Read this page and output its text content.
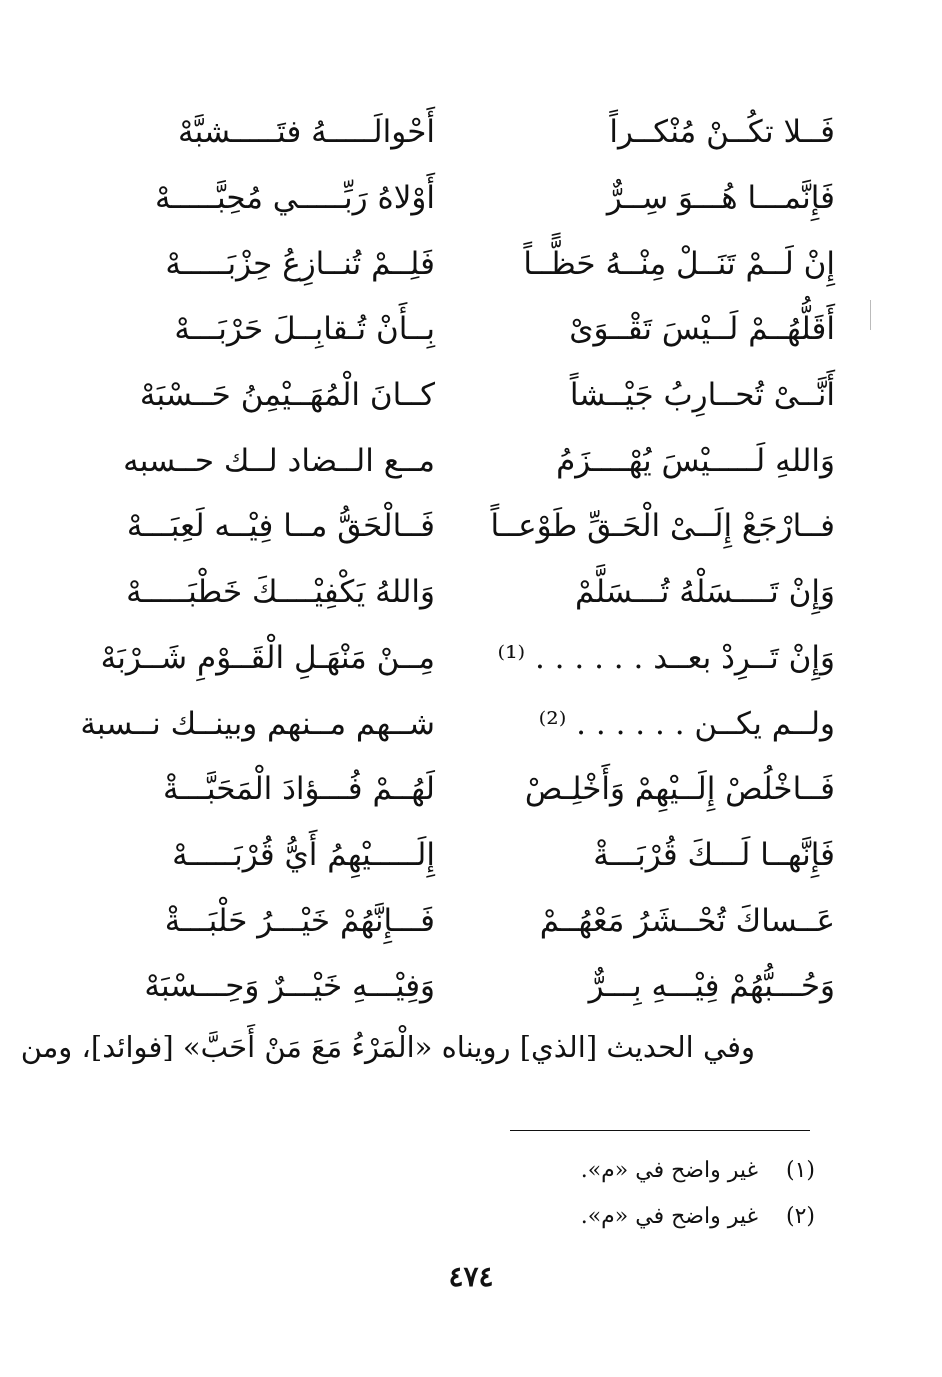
فَــلا تكُــنْ مُنْكــراً
أَحْوالَـــــهُ فتَـــــشبَّهْ
فَإِنَّمـــا هُـــوَ سِــرٌّ
أَوْلاهُ رَبِّـــــي مُحِبَّـــــهْ
إِنْ لَــمْ تَنَــلْ مِنْــهُ حَظًّــاً
فَلِــمْ تُنــازِعُ حِزْبَـــــهْ
أَقَلُّهُــمْ لَــيْسَ تَقْــوَىْ
بِــأَنْ تُـقابِــلَ حَرْبَـــهْ
أَنَّــىْ تُحــارِبُ جَيْــشاً
كــانَ الْمُهَــيْمِنُ حَــسْبَهْ
وَاللهِ لَـــــيْسَ يُهْــــزَمُ
مــع الــضاد لــك حــسبه
فــارْجَعْ إِلَــىْ الْحَـقِّ طَوْعــاً
فَــالْحَقُّ مــا فِيْــه لَعِبَـــهْ
وَإِنْ تَــــسَلْهُ تُـــسَلَّمْ
وَاللهُ يَكْفِيْــــكَ خَطْبَـــــهْ
وَإِنْ تَــرِدْ بعــد . . . . . . ⁽¹⁾
مِــنْ مَنْهَـلِ الْقَــوْمِ شَــرْبَهْ
ولــم يكــن . . . . . . ⁽²⁾
شــهم مــنهم وبينــك نــسبة
فَــاخْلُصْ إِلَــيْهِمْ وَأَخْلِـصْ
لَهُــمْ فُـــؤادَ الْمَحَبَّـــةْ
فَإِنَّهــا لَـــكَ قُرْبَـــةْ
إِلَـــــيْهِمُ أَيُّ قُرْبَـــــهْ
عَــساكَ تُحْــشَرُ مَعْهُــمْ
فَـــإِنَّهُمْ خَيْـــرُ حَلْبَـــةْ
وَحُـــبُّهُمْ فِيْـــهِ بِـــرٌّ
وَفِيْـــهِ خَيْـــرٌ وَحِـــسْبَهْ
وفي الحديث [الذي] رويناه «الْمَرْءُ مَعَ مَنْ أَحَبَّ» [فوائد]، ومن
(١) غير واضح في «م».
(٢) غير واضح في «م».
٤٧٤
